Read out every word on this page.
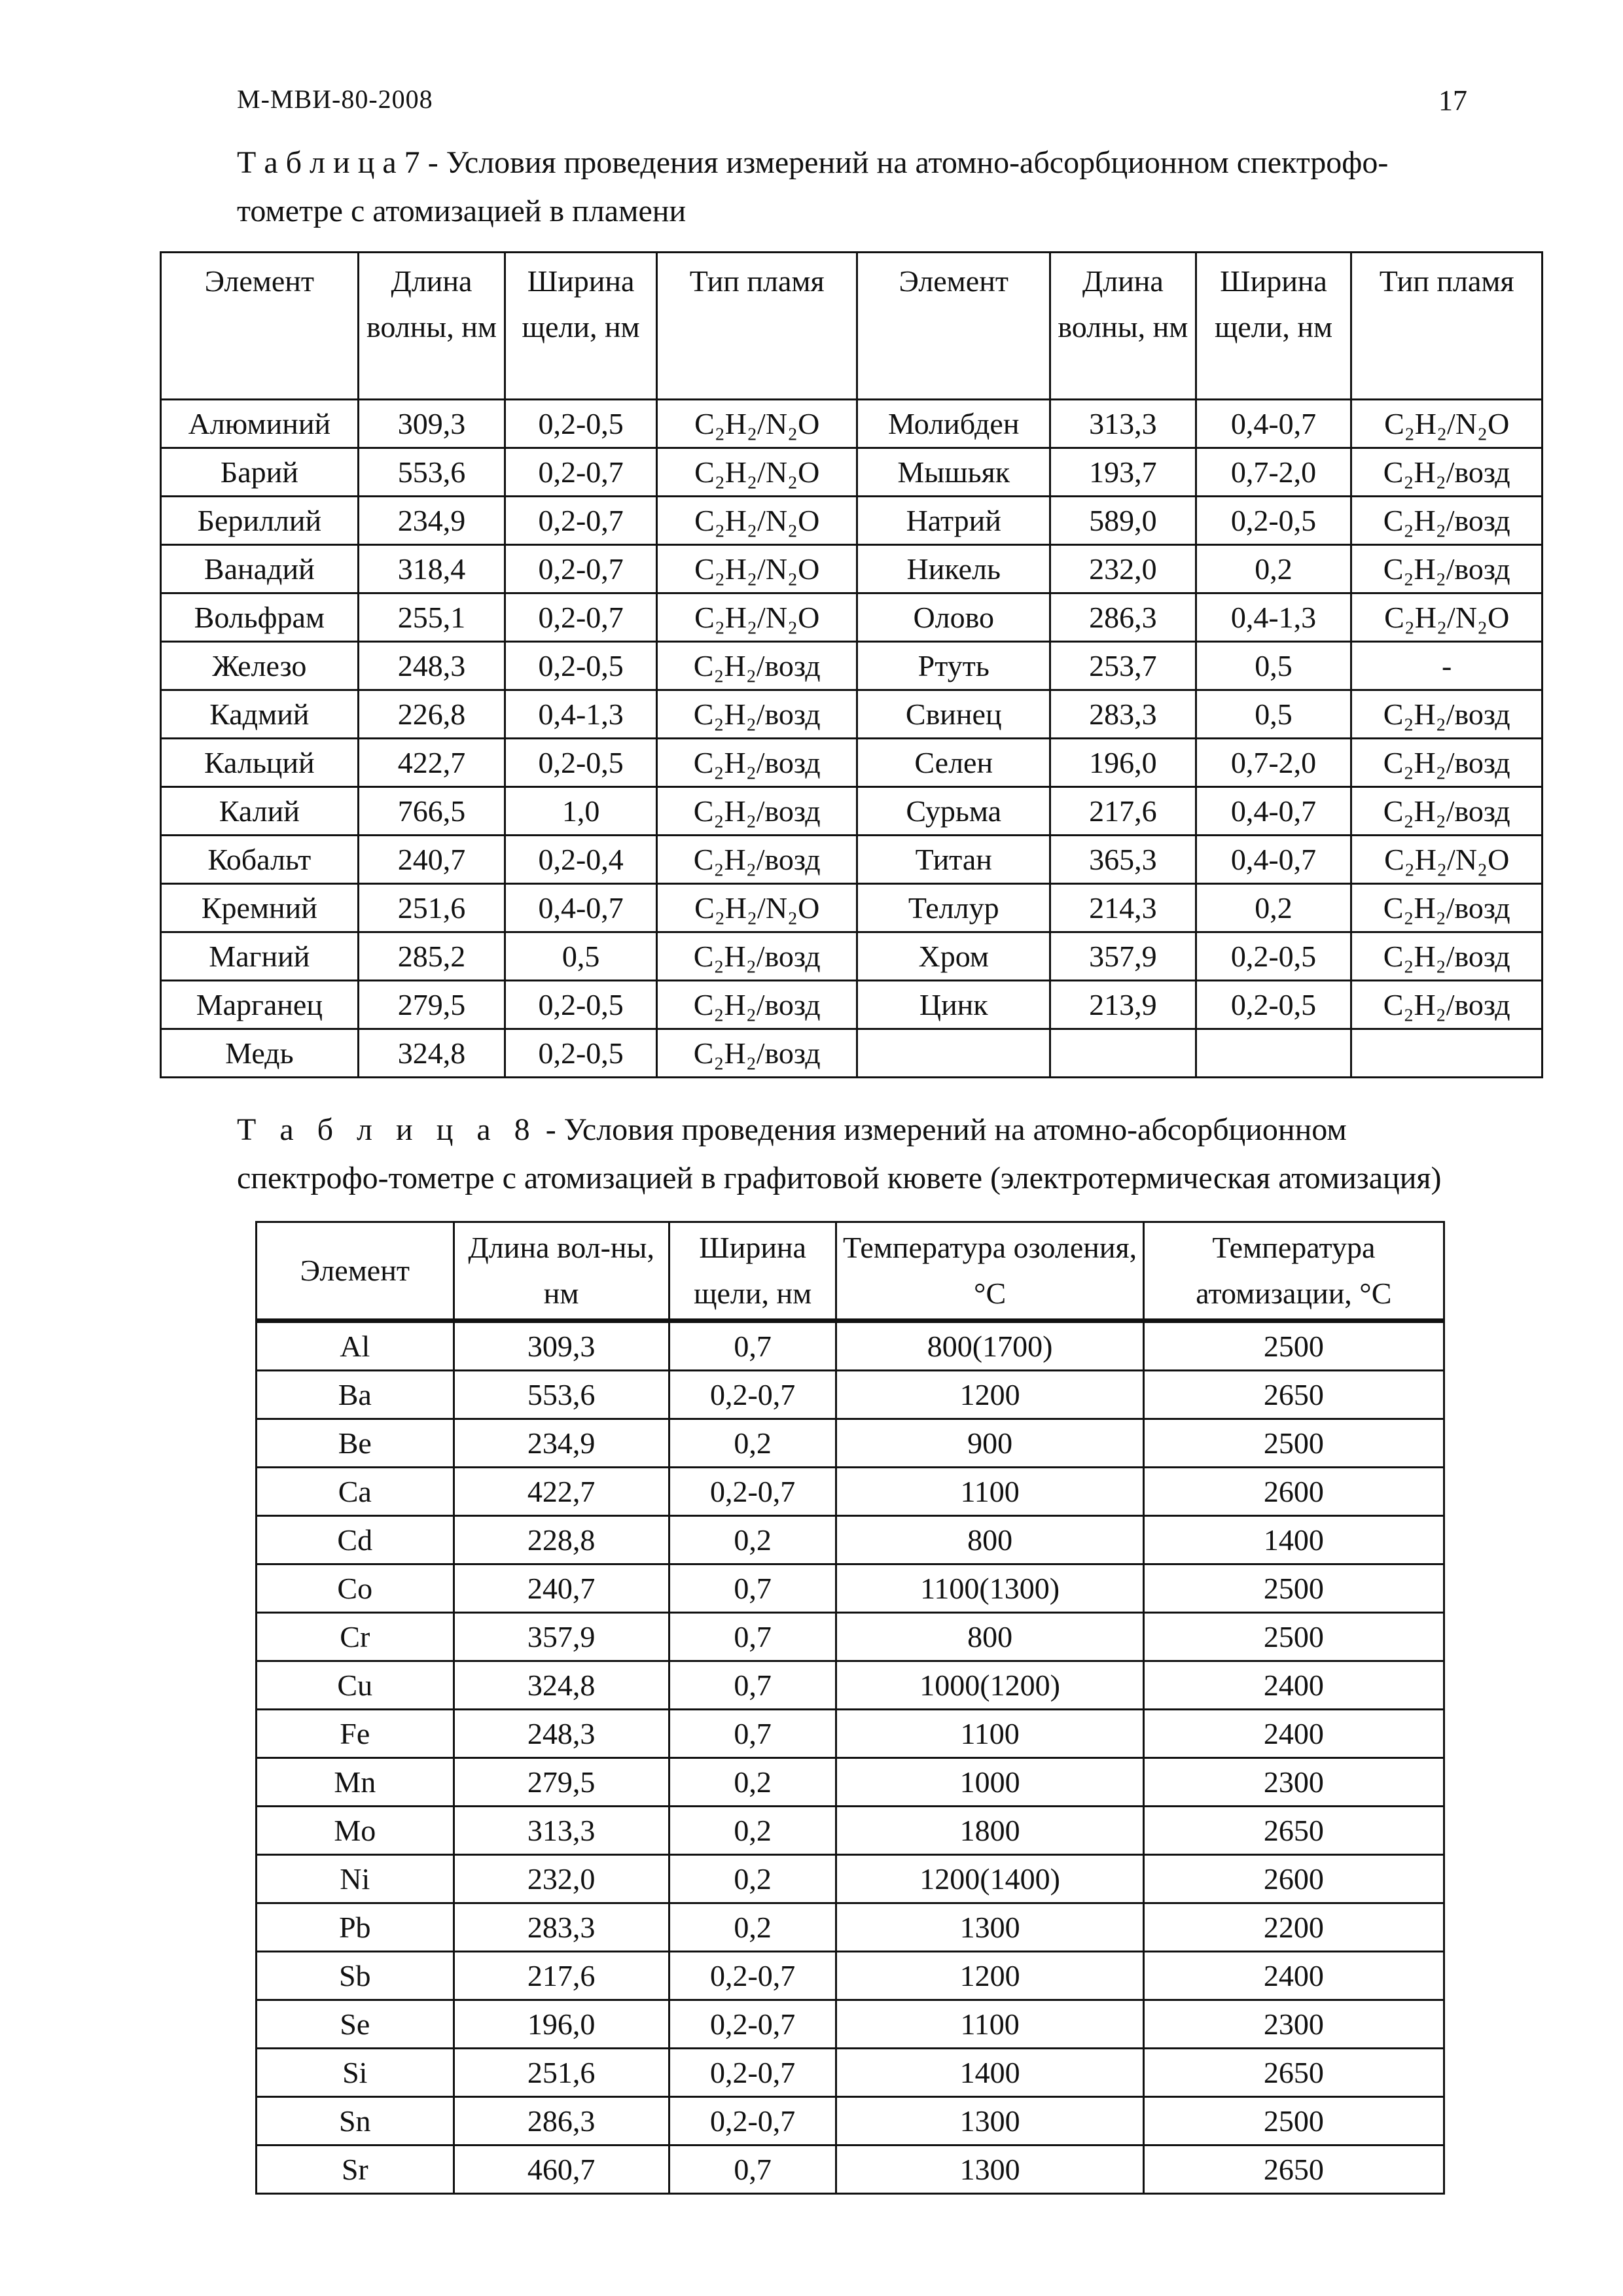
М-МВИ-80-2008	17
Т а б л и ц а 7 - Условия проведения измерений на атомно-абсорбционном спектрофо-тометре с атомизацией в пламени
Элемент	Длина волны, нм	Ширина щели, нм	Тип пламя	Элемент	Длина волны, нм	Ширина щели, нм	Тип пламя
Алюминий	309,3	0,2-0,5	C₂H₂/N₂O	Молибден	313,3	0,4-0,7	C₂H₂/N₂O
Барий	553,6	0,2-0,7	C₂H₂/N₂O	Мышьяк	193,7	0,7-2,0	C₂H₂/возд
Бериллий	234,9	0,2-0,7	C₂H₂/N₂O	Натрий	589,0	0,2-0,5	C₂H₂/возд
Ванадий	318,4	0,2-0,7	C₂H₂/N₂O	Никель	232,0	0,2	C₂H₂/возд
Вольфрам	255,1	0,2-0,7	C₂H₂/N₂O	Олово	286,3	0,4-1,3	C₂H₂/N₂O
Железо	248,3	0,2-0,5	C₂H₂/возд	Ртуть	253,7	0,5	-
Кадмий	226,8	0,4-1,3	C₂H₂/возд	Свинец	283,3	0,5	C₂H₂/возд
Кальций	422,7	0,2-0,5	C₂H₂/возд	Селен	196,0	0,7-2,0	C₂H₂/возд
Калий	766,5	1,0	C₂H₂/возд	Сурьма	217,6	0,4-0,7	C₂H₂/возд
Кобальт	240,7	0,2-0,4	C₂H₂/возд	Титан	365,3	0,4-0,7	C₂H₂/N₂O
Кремний	251,6	0,4-0,7	C₂H₂/N₂O	Теллур	214,3	0,2	C₂H₂/возд
Магний	285,2	0,5	C₂H₂/возд	Хром	357,9	0,2-0,5	C₂H₂/возд
Марганец	279,5	0,2-0,5	C₂H₂/возд	Цинк	213,9	0,2-0,5	C₂H₂/возд
Медь	324,8	0,2-0,5	C₂H₂/возд				
Т а б л и ц а 8 - Условия проведения измерений на атомно-абсорбционном спектрофо-тометре с атомизацией в графитовой кювете (электротермическая атомизация)
Элемент	Длина вол-ны, нм	Ширина щели, нм	Температура озоления, °С	Температура атомизации, °С
Al	309,3	0,7	800(1700)	2500
Ba	553,6	0,2-0,7	1200	2650
Be	234,9	0,2	900	2500
Ca	422,7	0,2-0,7	1100	2600
Cd	228,8	0,2	800	1400
Co	240,7	0,7	1100(1300)	2500
Cr	357,9	0,7	800	2500
Cu	324,8	0,7	1000(1200)	2400
Fe	248,3	0,7	1100	2400
Mn	279,5	0,2	1000	2300
Mo	313,3	0,2	1800	2650
Ni	232,0	0,2	1200(1400)	2600
Pb	283,3	0,2	1300	2200
Sb	217,6	0,2-0,7	1200	2400
Se	196,0	0,2-0,7	1100	2300
Si	251,6	0,2-0,7	1400	2650
Sn	286,3	0,2-0,7	1300	2500
Sr	460,7	0,7	1300	2650
